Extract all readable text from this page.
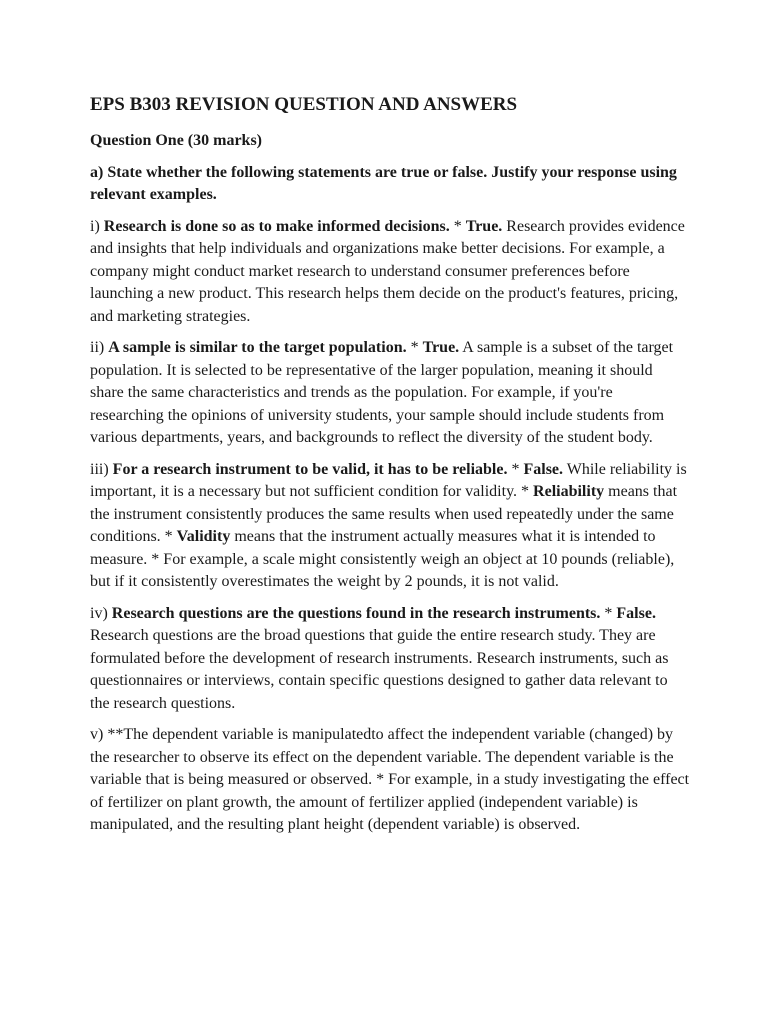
EPS B303 REVISION QUESTION AND ANSWERS
Question One (30 marks)
a) State whether the following statements are true or false. Justify your response using relevant examples.
i) Research is done so as to make informed decisions. * True. Research provides evidence and insights that help individuals and organizations make better decisions. For example, a company might conduct market research to understand consumer preferences before launching a new product. This research helps them decide on the product's features, pricing, and marketing strategies.
ii) A sample is similar to the target population. * True. A sample is a subset of the target population. It is selected to be representative of the larger population, meaning it should share the same characteristics and trends as the population. For example, if you're researching the opinions of university students, your sample should include students from various departments, years, and backgrounds to reflect the diversity of the student body.
iii) For a research instrument to be valid, it has to be reliable. * False. While reliability is important, it is a necessary but not sufficient condition for validity. * Reliability means that the instrument consistently produces the same results when used repeatedly under the same conditions. * Validity means that the instrument actually measures what it is intended to measure. * For example, a scale might consistently weigh an object at 10 pounds (reliable), but if it consistently overestimates the weight by 2 pounds, it is not valid.
iv) Research questions are the questions found in the research instruments. * False. Research questions are the broad questions that guide the entire research study. They are formulated before the development of research instruments. Research instruments, such as questionnaires or interviews, contain specific questions designed to gather data relevant to the research questions.
v) **The dependent variable is manipulatedto affect the independent variable (changed) by the researcher to observe its effect on the dependent variable. The dependent variable is the variable that is being measured or observed. * For example, in a study investigating the effect of fertilizer on plant growth, the amount of fertilizer applied (independent variable) is manipulated, and the resulting plant height (dependent variable) is observed.
